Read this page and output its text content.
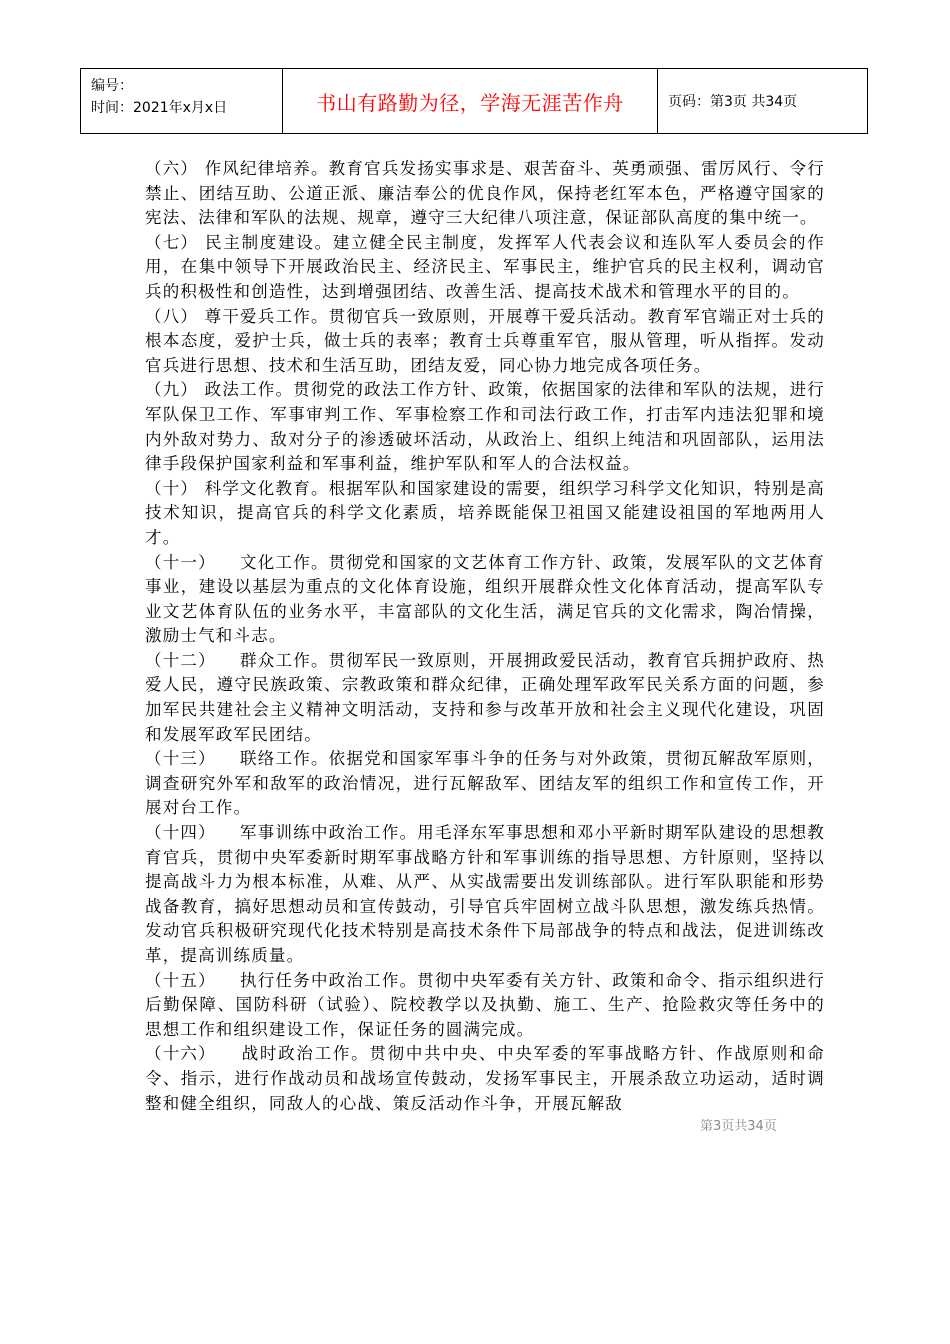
编号：
时间：2021年x月x日	书山有路勤为径，学海无涯苦作舟	页码：第3页 共34页

（六） 作风纪律培养。教育官兵发扬实事求是、艰苦奋斗、英勇顽强、雷厉风行、令行禁止、团结互助、公道正派、廉洁奉公的优良作风，保持老红军本色，严格遵守国家的宪法、法律和军队的法规、规章，遵守三大纪律八项注意，保证部队高度的集中统一。

（七） 民主制度建设。建立健全民主制度，发挥军人代表会议和连队军人委员会的作用，在集中领导下开展政治民主、经济民主、军事民主，维护官兵的民主权利，调动官兵的积极性和创造性，达到增强团结、改善生活、提高技术战术和管理水平的目的。

（八） 尊干爱兵工作。贯彻官兵一致原则，开展尊干爱兵活动。教育军官端正对士兵的根本态度，爱护士兵，做士兵的表率；教育士兵尊重军官，服从管理，听从指挥。发动官兵进行思想、技术和生活互助，团结友爱，同心协力地完成各项任务。

（九） 政法工作。贯彻党的政法工作方针、政策，依据国家的法律和军队的法规，进行军队保卫工作、军事审判工作、军事检察工作和司法行政工作，打击军内违法犯罪和境内外敌对势力、敌对分子的渗透破坏活动，从政治上、组织上纯洁和巩固部队，运用法律手段保护国家利益和军事利益，维护军队和军人的合法权益。

（十） 科学文化教育。根据军队和国家建设的需要，组织学习科学文化知识，特别是高技术知识，提高官兵的科学文化素质，培养既能保卫祖国又能建设祖国的军地两用人才。

（十一）　 文化工作。贯彻党和国家的文艺体育工作方针、政策，发展军队的文艺体育事业，建设以基层为重点的文化体育设施，组织开展群众性文化体育活动，提高军队专业文艺体育队伍的业务水平，丰富部队的文化生活，满足官兵的文化需求，陶冶情操，激励士气和斗志。

（十二）　 群众工作。贯彻军民一致原则，开展拥政爱民活动，教育官兵拥护政府、热爱人民，遵守民族政策、宗教政策和群众纪律，正确处理军政军民关系方面的问题，参加军民共建社会主义精神文明活动，支持和参与改革开放和社会主义现代化建设，巩固和发展军政军民团结。

（十三）　 联络工作。依据党和国家军事斗争的任务与对外政策，贯彻瓦解敌军原则，调查研究外军和敌军的政治情况，进行瓦解敌军、团结友军的组织工作和宣传工作，开展对台工作。

（十四）　 军事训练中政治工作。用毛泽东军事思想和邓小平新时期军队建设的思想教育官兵，贯彻中央军委新时期军事战略方针和军事训练的指导思想、方针原则，坚持以提高战斗力为根本标准，从难、从严、从实战需要出发训练部队。进行军队职能和形势战备教育，搞好思想动员和宣传鼓动，引导官兵牢固树立战斗队思想，激发练兵热情。发动官兵积极研究现代化技术特别是高技术条件下局部战争的特点和战法，促进训练改革，提高训练质量。

（十五）　 执行任务中政治工作。贯彻中央军委有关方针、政策和命令、指示组织进行后勤保障、国防科研（试验）、院校教学以及执勤、施工、生产、抢险救灾等任务中的思想工作和组织建设工作，保证任务的圆满完成。

（十六）　 战时政治工作。贯彻中共中央、中央军委的军事战略方针、作战原则和命令、指示，进行作战动员和战场宣传鼓动，发扬军事民主，开展杀敌立功运动，适时调整和健全组织，同敌人的心战、策反活动作斗争，开展瓦解敌

第3页共34页
